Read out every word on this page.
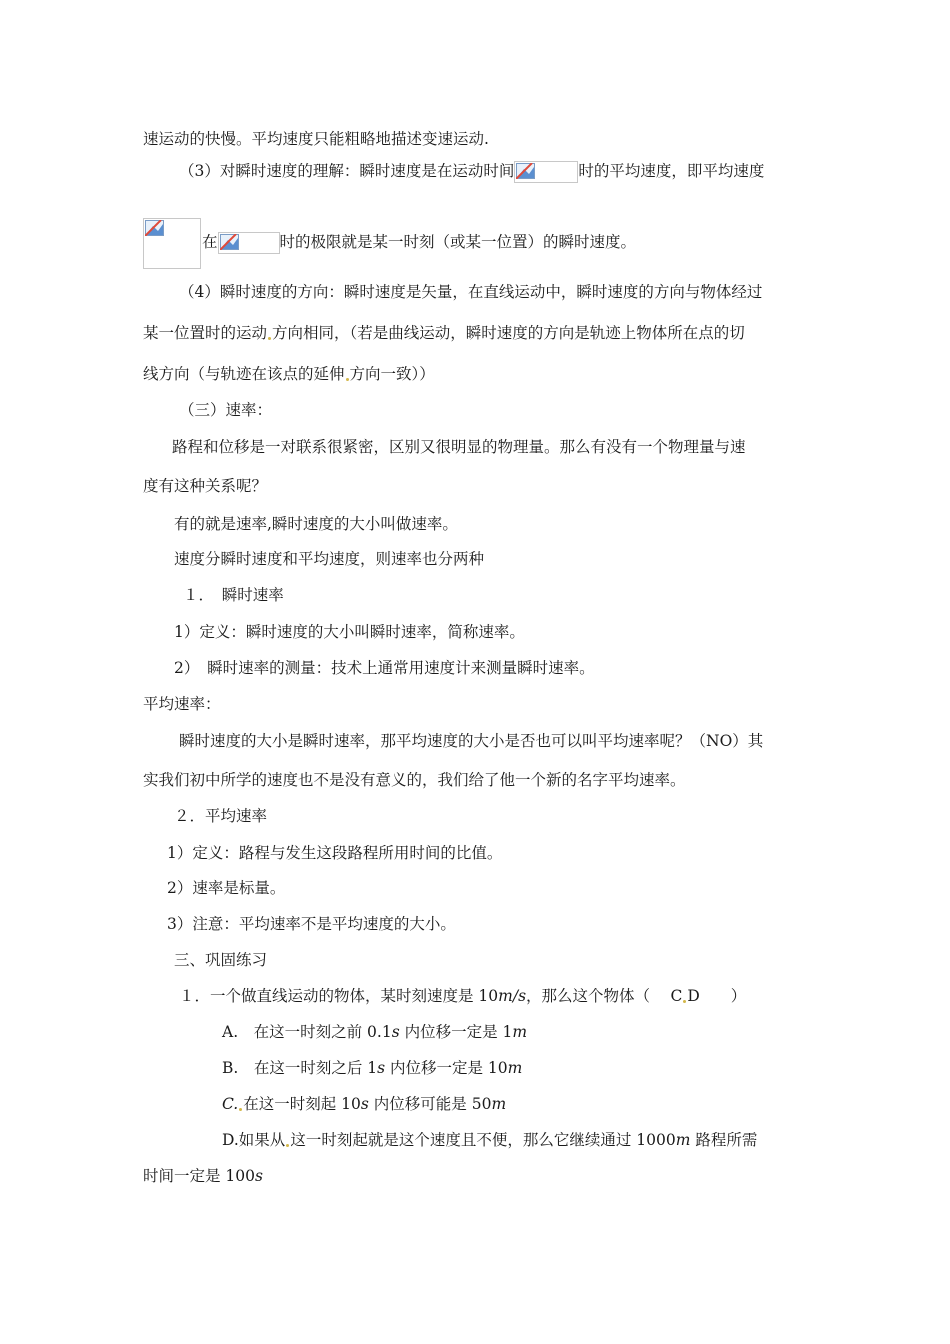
速运动的快慢。平均速度只能粗略地描述变速运动.
（3）对瞬时速度的理解：瞬时速度是在运动时间	时的平均速度，即平均速度
在	时的极限就是某一时刻（或某一位置）的瞬时速度。
（4）瞬时速度的方向：瞬时速度是矢量，在直线运动中，瞬时速度的方向与物体经过
某一位置时的运动 方向相同，（若是曲线运动，瞬时速度的方向是轨迹上物体所在点的切
线方向（与轨迹在该点的延伸 方向一致））
（三）速率：
路程和位移是一对联系很紧密，区别又很明显的物理量。那么有没有一个物理量与速
度有这种关系呢？
有的就是速率,瞬时速度的大小叫做速率。
速度分瞬时速度和平均速度，则速率也分两种
１．　瞬时速率
1）定义：瞬时速度的大小叫瞬时速率，简称速率。
2）　瞬时速率的测量：技术上通常用速度计来测量瞬时速率。
平均速率：
瞬时速度的大小是瞬时速率，那平均速度的大小是否也可以叫平均速率呢？（NO）其
实我们初中所学的速度也不是没有意义的，我们给了他一个新的名字平均速率。
２．平均速率
1）定义：路程与发生这段路程所用时间的比值。
2）速率是标量。
3）注意：平均速率不是平均速度的大小。
三、巩固练习
１．一个做直线运动的物体，某时刻速度是 10m/s，那么这个物体（　 C D　　）
A.　在这一时刻之前 0.1s 内位移一定是 1m
B.　在这一时刻之后 1s 内位移一定是 10m
C. 在这一时刻起 10s 内位移可能是 50m
D.如果从 这一时刻起就是这个速度且不便，那么它继续通过 1000m 路程所需
时间一定是 100s
